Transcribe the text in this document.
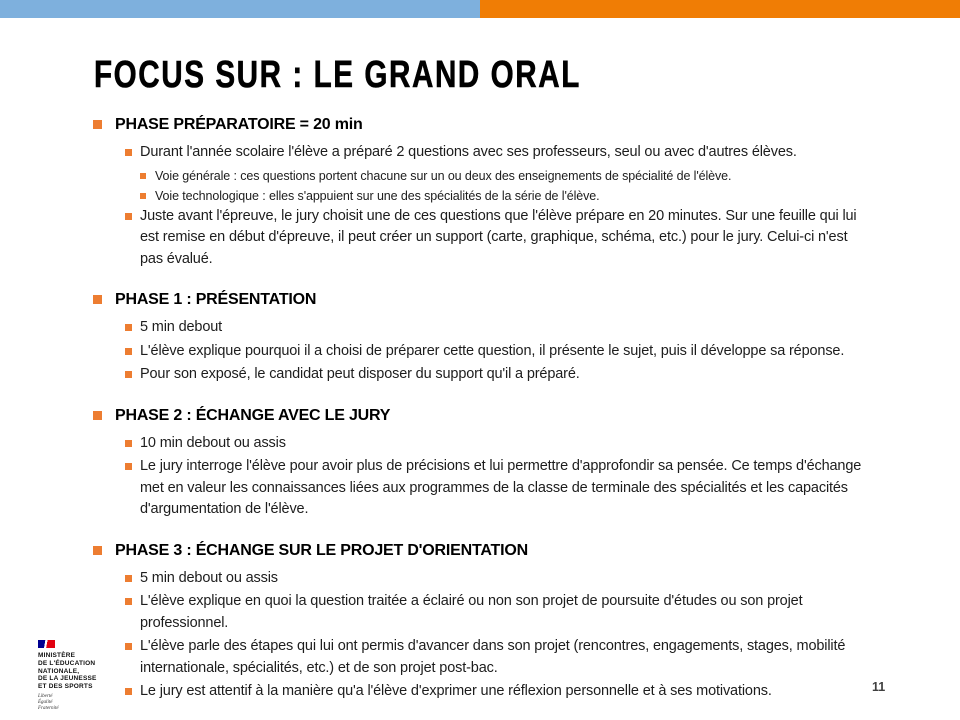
FOCUS SUR : LE GRAND ORAL
PHASE PRÉPARATOIRE = 20 min
Durant l'année scolaire l'élève a préparé 2 questions avec ses professeurs, seul ou avec d'autres élèves.
Voie générale : ces questions portent chacune sur un ou deux des enseignements de spécialité de l'élève.
Voie technologique : elles s'appuient sur une des spécialités de la série de l'élève.
Juste avant l'épreuve, le jury choisit une de ces questions que l'élève prépare en 20 minutes. Sur une feuille qui lui est remise en début d'épreuve, il peut créer un support (carte, graphique, schéma, etc.) pour le jury. Celui-ci n'est pas évalué.
PHASE 1 : PRÉSENTATION
5 min debout
L'élève explique pourquoi il a choisi de préparer cette question, il présente le sujet, puis il développe sa réponse.
Pour son exposé, le candidat peut disposer du support qu'il a préparé.
PHASE 2 : ÉCHANGE AVEC LE JURY
10 min debout ou assis
Le jury interroge l'élève pour avoir plus de précisions et lui permettre d'approfondir sa pensée. Ce temps d'échange met en valeur les connaissances liées aux programmes de la classe de terminale des spécialités et les capacités d'argumentation de l'élève.
PHASE 3 : ÉCHANGE SUR LE PROJET D'ORIENTATION
5 min debout ou assis
L'élève explique en quoi la question traitée a éclairé ou non son projet de poursuite d'études ou son projet professionnel.
L'élève parle des étapes qui lui ont permis d'avancer dans son projet (rencontres, engagements, stages, mobilité internationale, spécialités, etc.) et de son projet post-bac.
Le jury est attentif à la manière qu'a l'élève d'exprimer une réflexion personnelle et à ses motivations.
MINISTÈRE
DE L'ÉDUCATION
NATIONALE,
DE LA JEUNESSE
ET DES SPORTS
Liberté
Égalité
Fraternité
11
